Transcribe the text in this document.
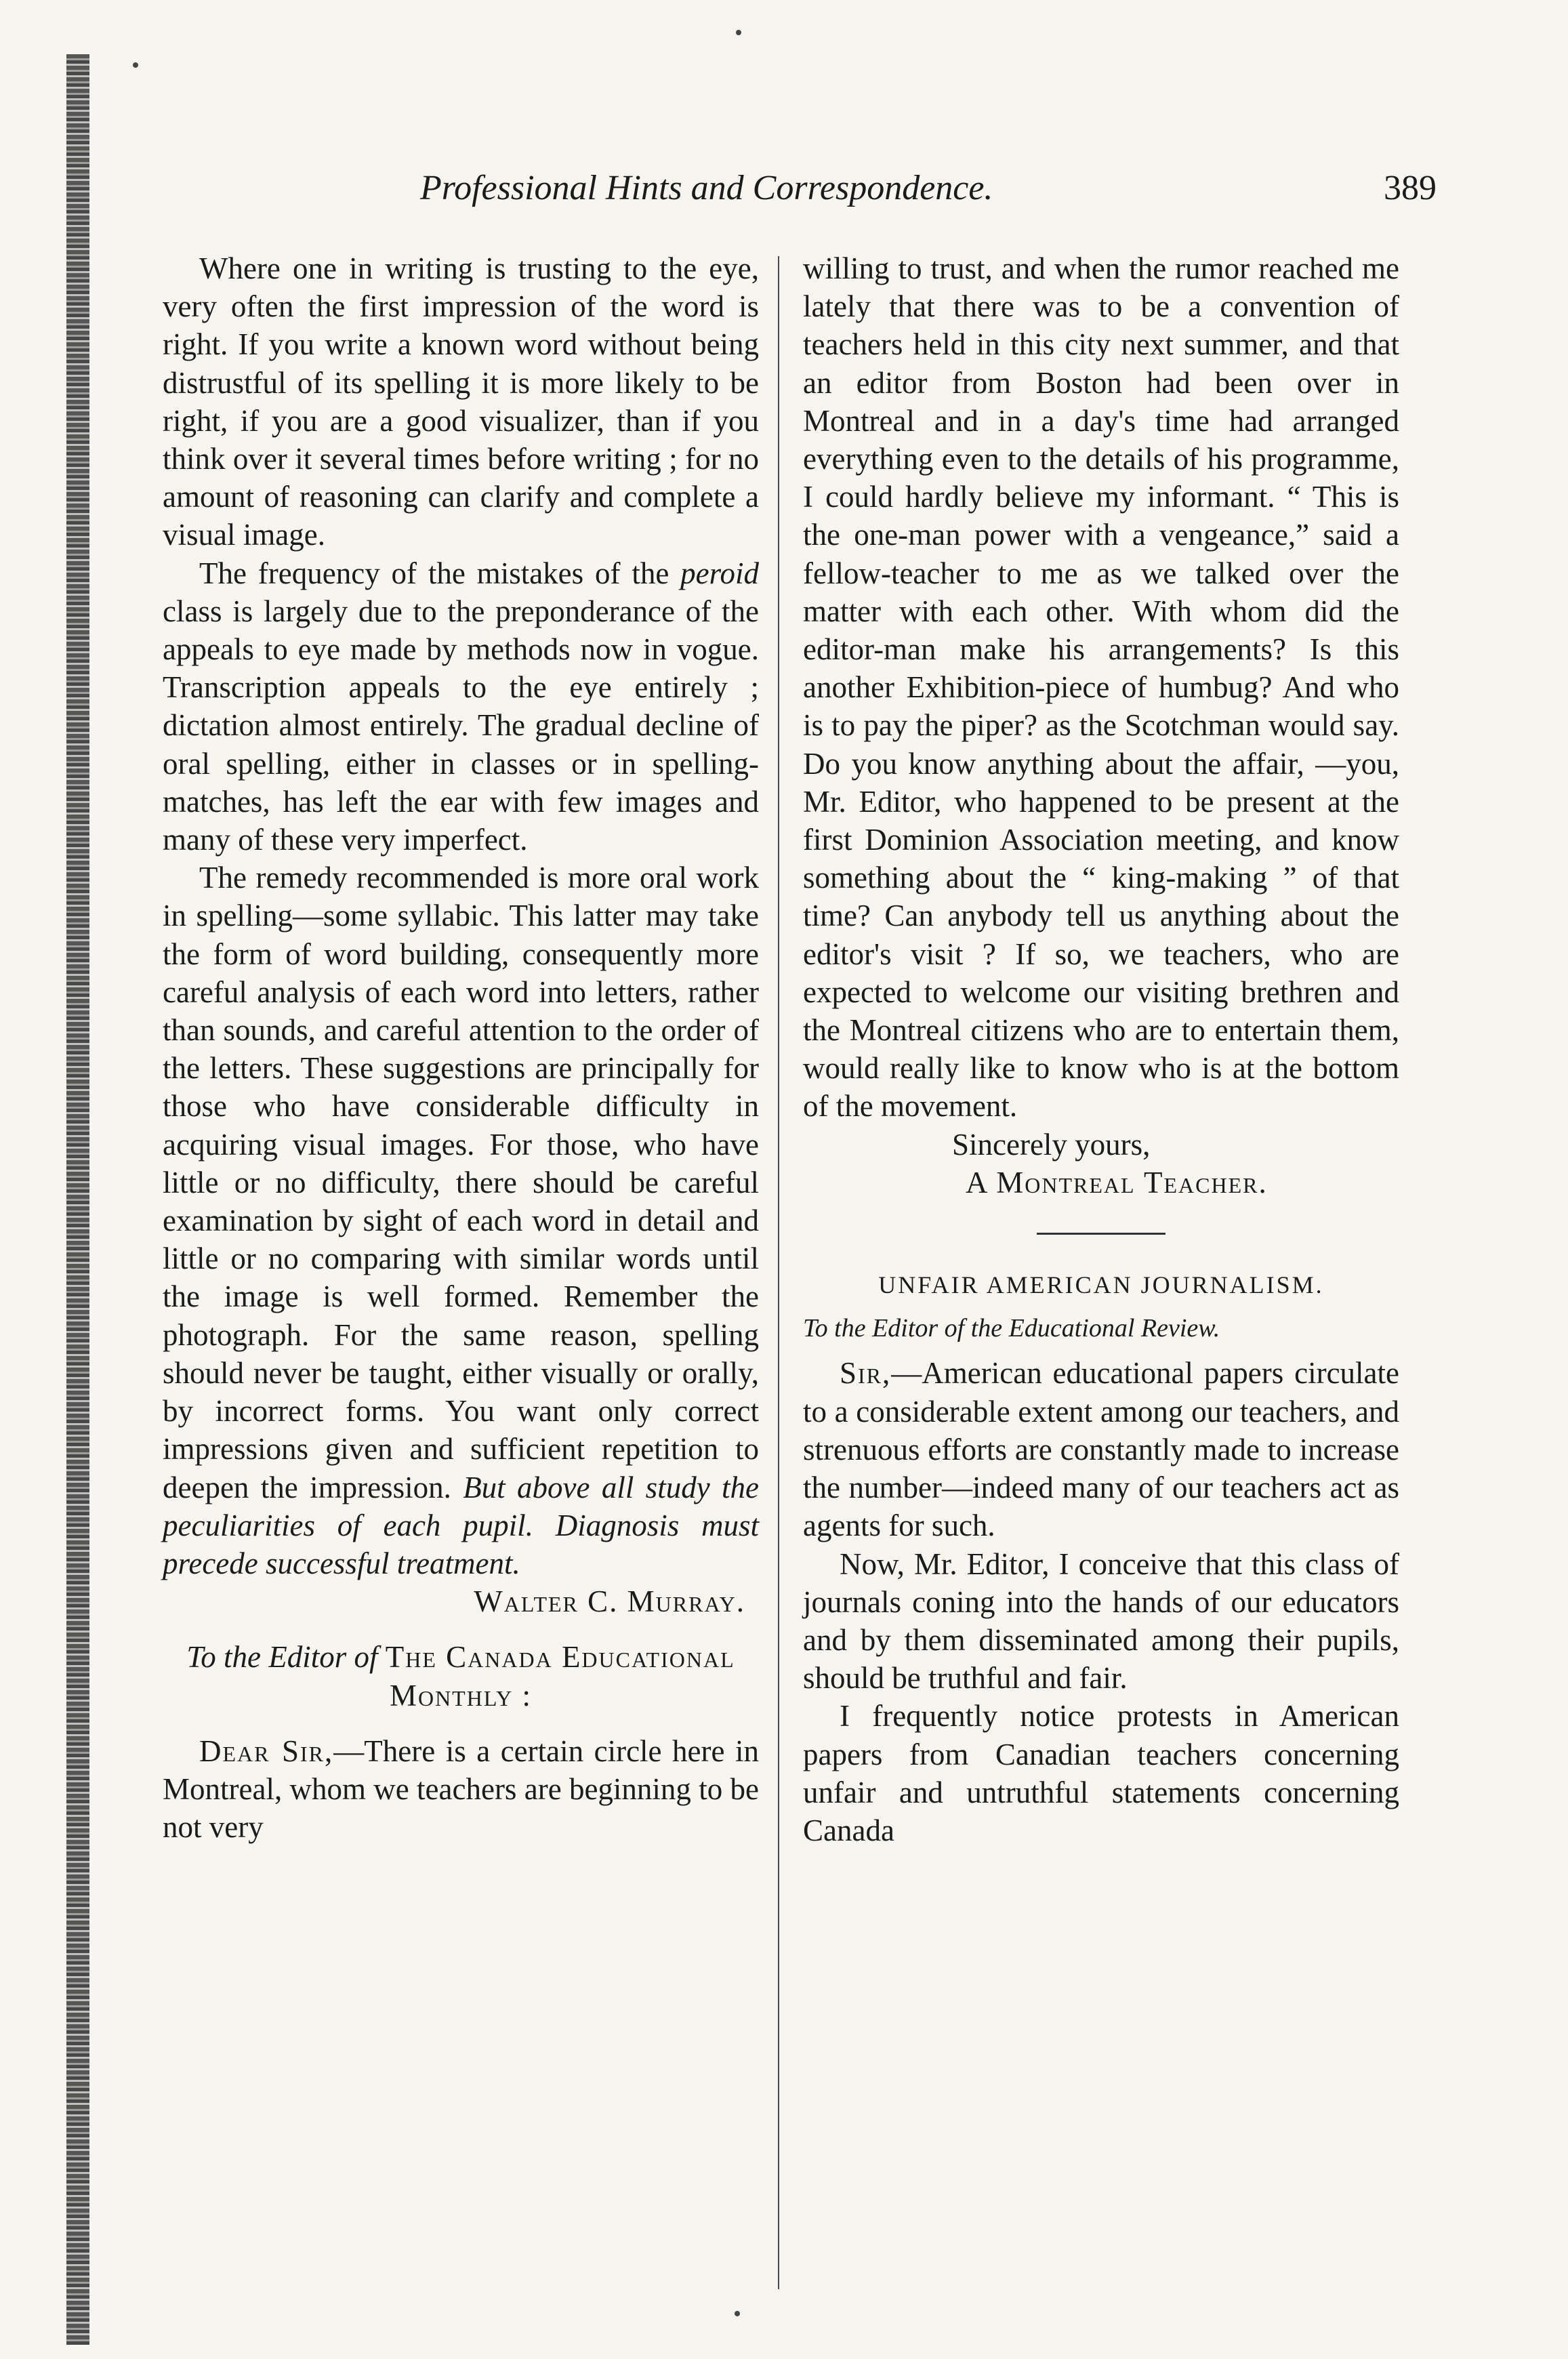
Professional Hints and Correspondence.	389

Where one in writing is trusting to the eye, very often the first impression of the word is right. If you write a known word without being distrustful of its spelling it is more likely to be right, if you are a good visualizer, than if you think over it several times before writing ; for no amount of reasoning can clarify and complete a visual image.

The frequency of the mistakes of the peroid class is largely due to the preponderance of the appeals to eye made by methods now in vogue. Transcription appeals to the eye entirely ; dictation almost entirely. The gradual decline of oral spelling, either in classes or in spelling-matches, has left the ear with few images and many of these very imperfect.

The remedy recommended is more oral work in spelling—some syllabic. This latter may take the form of word building, consequently more careful analysis of each word into letters, rather than sounds, and careful attention to the order of the letters. These suggestions are principally for those who have considerable difficulty in acquiring visual images. For those, who have little or no difficulty, there should be careful examination by sight of each word in detail and little or no comparing with similar words until the image is well formed. Remember the photograph. For the same reason, spelling should never be taught, either visually or orally, by incorrect forms. You want only correct impressions given and sufficient repetition to deepen the impression. But above all study the peculiarities of each pupil. Diagnosis must precede successful treatment.

Walter C. Murray.

To the Editor of The Canada Educational Monthly :

Dear Sir,—There is a certain circle here in Montreal, whom we teachers are beginning to be not very

willing to trust, and when the rumor reached me lately that there was to be a convention of teachers held in this city next summer, and that an editor from Boston had been over in Montreal and in a day's time had arranged everything even to the details of his programme, I could hardly believe my informant. “ This is the one-man power with a vengeance,” said a fellow-teacher to me as we talked over the matter with each other. With whom did the editor-man make his arrangements? Is this another Exhibition-piece of humbug? And who is to pay the piper? as the Scotchman would say. Do you know anything about the affair, —you, Mr. Editor, who happened to be present at the first Dominion Association meeting, and know something about the “ king-making ” of that time? Can anybody tell us anything about the editor's visit ? If so, we teachers, who are expected to welcome our visiting brethren and the Montreal citizens who are to entertain them, would really like to know who is at the bottom of the movement.

Sincerely yours,
A Montreal Teacher.
UNFAIR AMERICAN JOURNALISM.

To the Editor of the Educational Review.

Sir,—American educational papers circulate to a considerable extent among our teachers, and strenuous efforts are constantly made to increase the number—indeed many of our teachers act as agents for such.

Now, Mr. Editor, I conceive that this class of journals coning into the hands of our educators and by them disseminated among their pupils, should be truthful and fair.

I frequently notice protests in American papers from Canadian teachers concerning unfair and untruthful statements concerning Canada
